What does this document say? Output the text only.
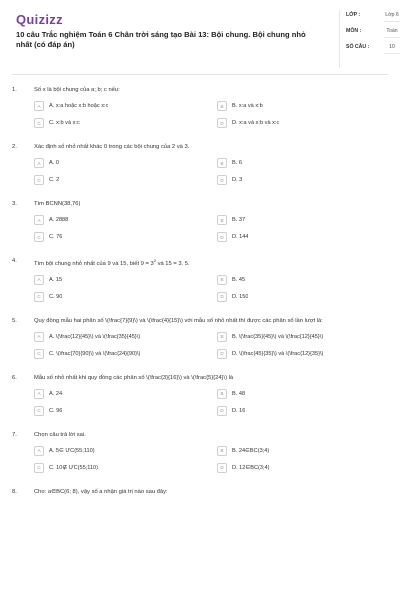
Quizizz
10 câu Trắc nghiệm Toán 6 Chân trời sáng tạo Bài 13: Bội chung. Bội chung nhỏ nhất (có đáp án)
LỚP :	Lớp 6
MÔN :	Toán
SỐ CÂU :	10
1.	Số x là bội chung của a; b; c nếu:
A	A. x:a hoặc x:b hoặc x:c	B	B. x:a và x:b
C	C. x:b và x:c	D	D. x:a và x:b và x:c
2.	Xác định số nhỏ nhất khác 0 trong các bội chung của 2 và 3.
A	A. 0	B	B. 6
C	C. 2	D	D. 3
3.	Tìm BCNN(38,76)
A	A. 2888	B	B. 37
C	C. 76	D	D. 144
4.	Tìm bội chung nhỏ nhất của 9 và 15, biết $9 = 3^2$ và 15 = 3. 5.
A	A. 15	B	B. 45
C	C. 90	D	D. 150
5.	Quy đồng mẫu hai phân số \(\frac{7}{9}\) và \(\frac{4}{15}\) với mẫu số nhỏ nhất thì được các phân số lần lượt là:
A	A. \(\frac{12}{45}\) và \(\frac{35}{45}\)	B	B. \(\frac{35}{45}\) và \(\frac{12}{45}\)
C	C. \(\frac{70}{90}\) và \(\frac{24}{90}\)	D	D. \(\frac{45}{35}\) và \(\frac{12}{35}\)
6.	Mẫu số nhỏ nhất khi quy đồng các phân số \(\frac{3}{16}\) và \(\frac{5}{24}\) là
A	A. 24	B	B. 48
C	C. 96	D	D. 16
7.	Chọn câu trả lời sai.
A	A. 5∈ ƯC(55;110)	B	B. 24∈BC(3;4)
C	C. 10∉ ƯC(55;110)	D	D. 12∈BC(3;4)
8.	Cho: a∈BC(6; 8), vậy số a nhận giá trị nào sau đây:
